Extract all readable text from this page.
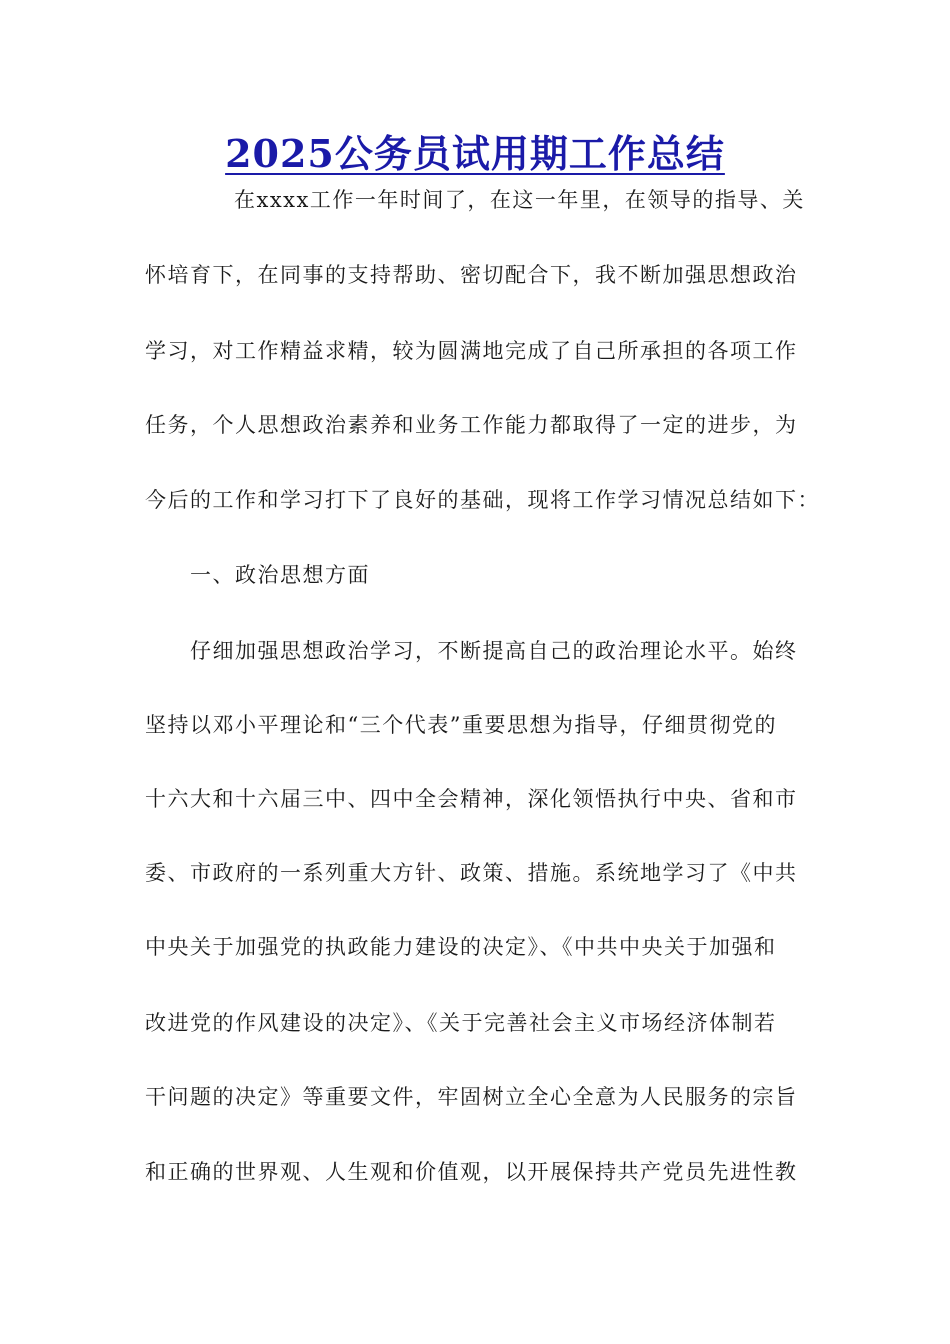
2025公务员试用期工作总结
在xxxx工作一年时间了，在这一年里，在领导的指导、关
怀培育下，在同事的支持帮助、密切配合下，我不断加强思想政治
学习，对工作精益求精，较为圆满地完成了自己所承担的各项工作
任务，个人思想政治素养和业务工作能力都取得了一定的进步，为
今后的工作和学习打下了良好的基础，现将工作学习情况总结如下：
一、政治思想方面
仔细加强思想政治学习，不断提高自己的政治理论水平。始终
坚持以邓小平理论和“三个代表”重要思想为指导，仔细贯彻党的
十六大和十六届三中、四中全会精神，深化领悟执行中央、省和市
委、市政府的一系列重大方针、政策、措施。系统地学习了《中共
中央关于加强党的执政能力建设的决定》、《中共中央关于加强和
改进党的作风建设的决定》、《关于完善社会主义市场经济体制若
干问题的决定》等重要文件，牢固树立全心全意为人民服务的宗旨
和正确的世界观、人生观和价值观，以开展保持共产党员先进性教
